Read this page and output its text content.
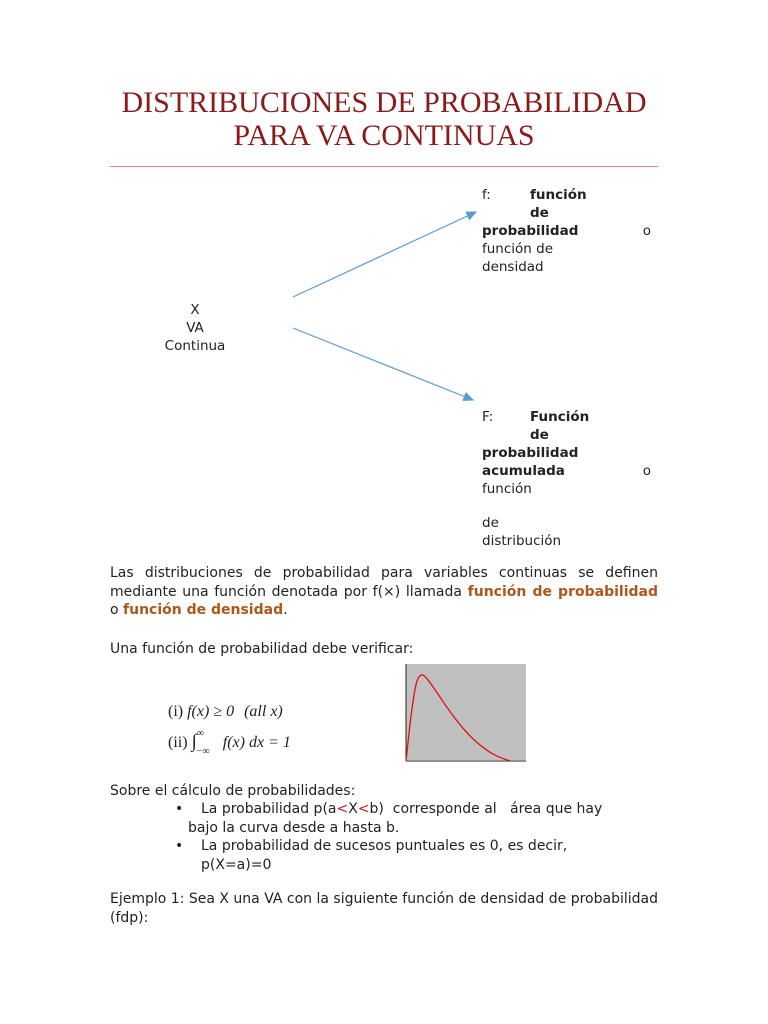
DISTRIBUCIONES DE PROBABILIDAD
PARA VA CONTINUAS
X
VA
Continua
f:	función
de
probabilidad	o
función de
densidad
F:	Función
de
probabilidad
acumulada	o
función
de
distribución
Las distribuciones de probabilidad para variables continuas se definen mediante una función denotada por f(×) llamada función de probabilidad o función de densidad.
Una función de probabilidad debe verificar:
(i) f(x) ≥ 0 (all x)
(ii) ∫ ∞
−∞
f(x) dx = 1
Sobre el cálculo de probabilidades:
• La probabilidad p(a<X<b)  corresponde al   área que hay
bajo la curva desde a hasta b.
• La probabilidad de sucesos puntuales es 0, es decir,
p(X=a)=0
Ejemplo 1: Sea X una VA con la siguiente función de densidad de probabilidad (fdp):
